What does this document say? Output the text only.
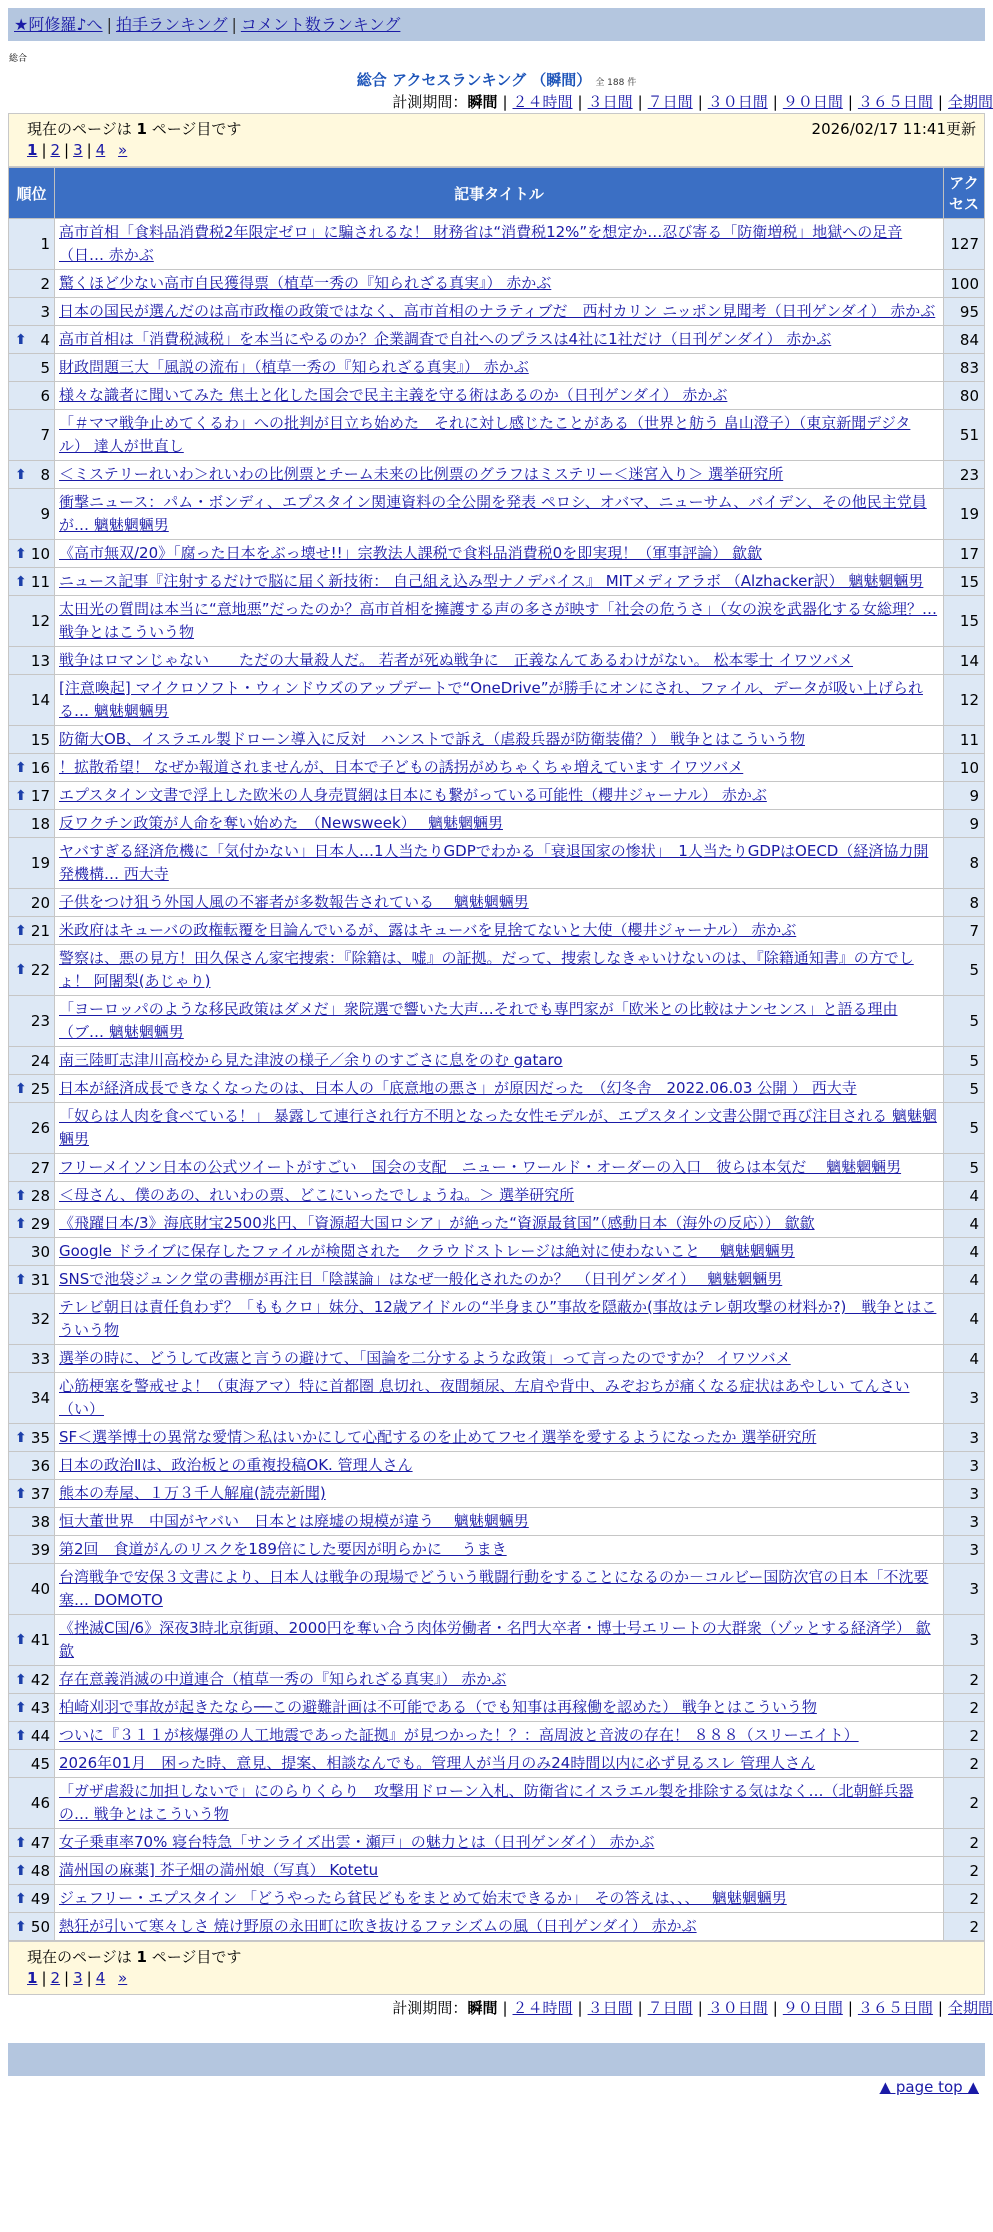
★阿修羅♪へ | 拍手ランキング | コメント数ランキング
総合
総合 アクセスランキング （瞬間） 全 188 件
計測期間：瞬間 | ２４時間 | ３日間 | ７日間 | ３０日間 | ９０日間 | ３６５日間 | 全期間
現在のページは 1 ページ目です	2026/02/17 11:41更新
1 | 2 | 3 | 4 »
順位	記事タイトル	アクセス
1	高市首相「食料品消費税2年限定ゼロ」に騙されるな！ 財務省は“消費税12%”を想定か…忍び寄る「防衛増税」地獄への足音（日… 赤かぶ	127
2	驚くほど少ない高市自民獲得票（植草一秀の『知られざる真実』） 赤かぶ	100
3	日本の国民が選んだのは高市政権の政策ではなく、高市首相のナラティブだ　西村カリン ニッポン見聞考（日刊ゲンダイ） 赤かぶ	95

⬆ 4	高市首相は「消費税減税」を本当にやるのか？企業調査で自社へのプラスは4社に1社だけ（日刊ゲンダイ） 赤かぶ	84
5	財政問題三大「風説の流布」（植草一秀の『知られざる真実』） 赤かぶ	83
6	様々な識者に聞いてみた 焦土と化した国会で民主主義を守る術はあるのか（日刊ゲンダイ） 赤かぶ	80
7	「＃ママ戦争止めてくるわ」への批判が目立ち始めた　それに対し感じたことがある（世界と舫う 畠山澄子）（東京新聞デジタル） 達人が世直し	51

⬆ 8	＜ミステリーれいわ＞れいわの比例票とチーム未来の比例票のグラフはミステリー＜迷宮入り＞ 選挙研究所	23
9	衝撃ニュース：パム・ボンディ、エプスタイン関連資料の全公開を発表 ペロシ、オバマ、ニューサム、バイデン、その他民主党員が… 魑魅魍魎男	19

⬆ 10	《高市無双/20》「腐った日本をぶっ壊せ!!」宗教法人課税で食料品消費税0を即実現！（軍事評論） 歙歙	17

⬆ 11	ニュース記事『注射するだけで脳に届く新技術： 自己組え込み型ナノデバイス』 MITメディアラボ （Alzhacker訳） 魑魅魍魎男	15
12	太田光の質問は本当に“意地悪”だったのか？高市首相を擁護する声の多さが映す「社会の危うさ」（女の涙を武器化する女総理？… 戦争とはこういう物	15
13	戦争はロマンじゃない　　ただの大量殺人だ。 若者が死ぬ戦争に　正義なんてあるわけがない。 松本零士 イワツバメ	14
14	[注意喚起] マイクロソフト・ウィンドウズのアップデートで“OneDrive”が勝手にオンにされ、ファイル、データが吸い上げられる… 魑魅魍魎男	12
15	防衛大OB、イスラエル製ドローン導入に反対　ハンストで訴え（虐殺兵器が防衛装備？） 戦争とはこういう物	11

⬆ 16	！拡散希望！ なぜか報道されませんが、日本で子どもの誘拐がめちゃくちゃ増えています イワツバメ	10

⬆ 17	エプスタイン文書で浮上した欧米の人身売買網は日本にも繋がっている可能性（櫻井ジャーナル） 赤かぶ	9
18	反ワクチン政策が人命を奪い始めた　（Newsweek）　 魑魅魍魎男	9
19	ヤバすぎる経済危機に「気付かない」日本人…1人当たりGDPでわかる「衰退国家の惨状」　1人当たりGDPはOECD（経済協力開発機構… 西大寺	8
20	子供をつけ狙う外国人風の不審者が多数報告されている　 魑魅魍魎男	8

⬆ 21	米政府はキューバの政権転覆を目論んでいるが、露はキューバを見捨てないと大使（櫻井ジャーナル） 赤かぶ	7

⬆ 22	警察は、悪の見方！田久保さん家宅捜索：『除籍は、嘘』の証拠。だって、捜索しなきゃいけないのは、『除籍通知書』の方でしょ！ 阿闍梨(あじゃり)	5
23	「ヨーロッパのような移民政策はダメだ」衆院選で響いた大声…それでも専門家が「欧米との比較はナンセンス」と語る理由（ブ… 魑魅魍魎男	5
24	南三陸町志津川高校から見た津波の様子／余りのすごさに息をのむ gataro	5

⬆ 25	日本が経済成長できなくなったのは、日本人の「底意地の悪さ」が原因だった　（幻冬舎　2022.06.03 公開 ） 西大寺	5
26	「奴らは人肉を食べている！」 暴露して連行され行方不明となった女性モデルが、エプスタイン文書公開で再び注目される 魑魅魍魎男	5
27	フリーメイソン日本の公式ツイートがすごい　国会の支配　ニュー・ワールド・オーダーの入口　彼らは本気だ　 魑魅魍魎男	5

⬆ 28	＜母さん、僕のあの、れいわの票、どこにいったでしょうね。＞ 選挙研究所	4

⬆ 29	《飛躍日本/3》海底財宝2500兆円、「資源超大国ロシア」が絶った“資源最貧国”（感動日本（海外の反応）） 歙歙	4
30	Google ドライブに保存したファイルが検閲された　クラウドストレージは絶対に使わないこと　 魑魅魍魎男	4

⬆ 31	SNSで池袋ジュンク堂の書棚が再注目「陰謀論」はなぜ一般化されたのか？　（日刊ゲンダイ）　 魑魅魍魎男	4
32	テレビ朝日は責任負わず？「ももクロ」妹分、12歳アイドルの“半身まひ”事故を隠蔽か(事故はテレ朝攻撃の材料か?)　戦争とはこういう物	4
33	選挙の時に、どうして改憲と言うの避けて、「国論を二分するような政策」って言ったのですか？ イワツバメ	4
34	心筋梗塞を警戒せよ！（東海アマ）特に首都圏 息切れ、夜間頻尿、左肩や背中、みぞおちが痛くなる症状はあやしい てんさい（い）	3

⬆ 35	SF＜選挙博士の異常な愛情＞私はいかにして心配するのを止めてフセイ選挙を愛するようになったか 選挙研究所	3
36	日本の政治Ⅱは、政治板との重複投稿OK. 管理人さん	3

⬆ 37	熊本の寿屋、１万３千人解雇(読売新聞)	3
38	恒大董世界　中国がヤバい　日本とは廃墟の規模が違う　 魑魅魍魎男	3
39	第2回　食道がんのリスクを189倍にした要因が明らかに　 うまき	3
40	台湾戦争で安保３文書により、日本人は戦争の現場でどういう戦闘行動をすることになるのか－コルビー国防次官の日本「不沈要塞… DOMOTO	3

⬆ 41	《挫滅C国/6》深夜3時北京街頭、2000円を奪い合う肉体労働者・名門大卒者・博士号エリートの大群衆（ゾッとする経済学） 歙歙	3

⬆ 42	存在意義消滅の中道連合（植草一秀の『知られざる真実』） 赤かぶ	2

⬆ 43	柏崎刈羽で事故が起きたなら──この避難計画は不可能である（でも知事は再稼働を認めた） 戦争とはこういう物	2

⬆ 44	ついに『３１１が核爆弾の人工地震であった証拠』が見つかった！？：高周波と音波の存在！ ８８８（スリーエイト）	2
45	2026年01月　困った時、意見、提案、相談なんでも。管理人が当月のみ24時間以内に必ず見るスレ 管理人さん	2
46	「ガザ虐殺に加担しないで」にのらりくらり　攻撃用ドローン入札、防衛省にイスラエル製を排除する気はなく…（北朝鮮兵器の… 戦争とはこういう物	2

⬆ 47	女子乗車率70% 寝台特急「サンライズ出雲・瀬戸」の魅力とは（日刊ゲンダイ） 赤かぶ	2

⬆ 48	満州国の麻薬] 芥子畑の満州娘（写真） Kotetu	2

⬆ 49	ジェフリー・エプスタイン 「どうやったら貧民どもをまとめて始末できるか」　その答えは、、、　 魑魅魍魎男	2

⬆ 50	熱狂が引いて寒々しさ 焼け野原の永田町に吹き抜けるファシズムの風（日刊ゲンダイ） 赤かぶ	2
現在のページは 1 ページ目です
1 | 2 | 3 | 4 »
計測期間：瞬間 | ２４時間 | ３日間 | ７日間 | ３０日間 | ９０日間 | ３６５日間 | 全期間
▲ page top ▲
